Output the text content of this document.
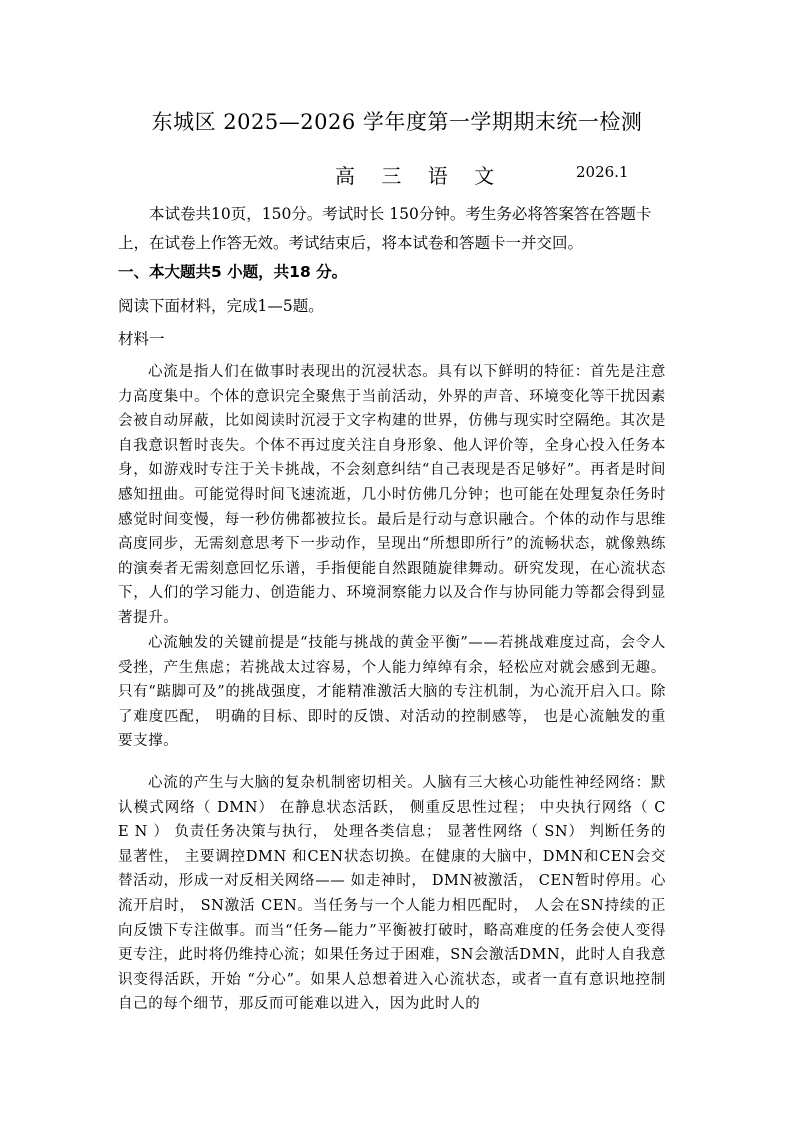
东城区 2025—2026 学年度第一学期期末统一检测
高 三 语 文	2026.1

本试卷共10页，150分。考试时长 150分钟。考生务必将答案答在答题卡上，在试卷上作答无效。考试结束后，将本试卷和答题卡一并交回。

一、本大题共5 小题，共18 分。
阅读下面材料，完成1—5题。
材料一

心流是指人们在做事时表现出的沉浸状态。具有以下鲜明的特征：首先是注意力高度集中。个体的意识完全聚焦于当前活动，外界的声音、环境变化等干扰因素会被自动屏蔽，比如阅读时沉浸于文字构建的世界，仿佛与现实时空隔绝。其次是自我意识暂时丧失。个体不再过度关注自身形象、他人评价等，全身心投入任务本身，如游戏时专注于关卡挑战，不会刻意纠结“自己表现是否足够好”。再者是时间感知扭曲。可能觉得时间飞速流逝，几小时仿佛几分钟；也可能在处理复杂任务时感觉时间变慢，每一秒仿佛都被拉长。最后是行动与意识融合。个体的动作与思维高度同步，无需刻意思考下一步动作，呈现出“所想即所行”的流畅状态，就像熟练的演奏者无需刻意回忆乐谱，手指便能自然跟随旋律舞动。研究发现，在心流状态下，人们的学习能力、创造能力、环境洞察能力以及合作与协同能力等都会得到显著提升。

心流触发的关键前提是“技能与挑战的黄金平衡”——若挑战难度过高，会令人受挫，产生焦虑；若挑战太过容易，个人能力绰绰有余，轻松应对就会感到无趣。只有“踮脚可及”的挑战强度，才能精准激活大脑的专注机制，为心流开启入口。除了难度匹配， 明确的目标、即时的反馈、对活动的控制感等， 也是心流触发的重要支撑。

心流的产生与大脑的复杂机制密切相关。人脑有三大核心功能性神经网络：默认模式网络（ DMN） 在静息状态活跃， 侧重反思性过程； 中央执行网络（ C E N ） 负责任务决策与执行， 处理各类信息； 显著性网络（ SN） 判断任务的显著性， 主要调控DMN 和CEN状态切换。在健康的大脑中，DMN和CEN会交替活动，形成一对反相关网络—— 如走神时， DMN被激活， CEN暂时停用。心流开启时， SN激活 CEN。当任务与一个人能力相匹配时， 人会在SN持续的正向反馈下专注做事。而当“任务—能力”平衡被打破时，略高难度的任务会使人变得更专注，此时将仍维持心流；如果任务过于困难，SN会激活DMN，此时人自我意识变得活跃，开始 “分心”。如果人总想着进入心流状态，或者一直有意识地控制自己的每个细节，那反而可能难以进入，因为此时人的
